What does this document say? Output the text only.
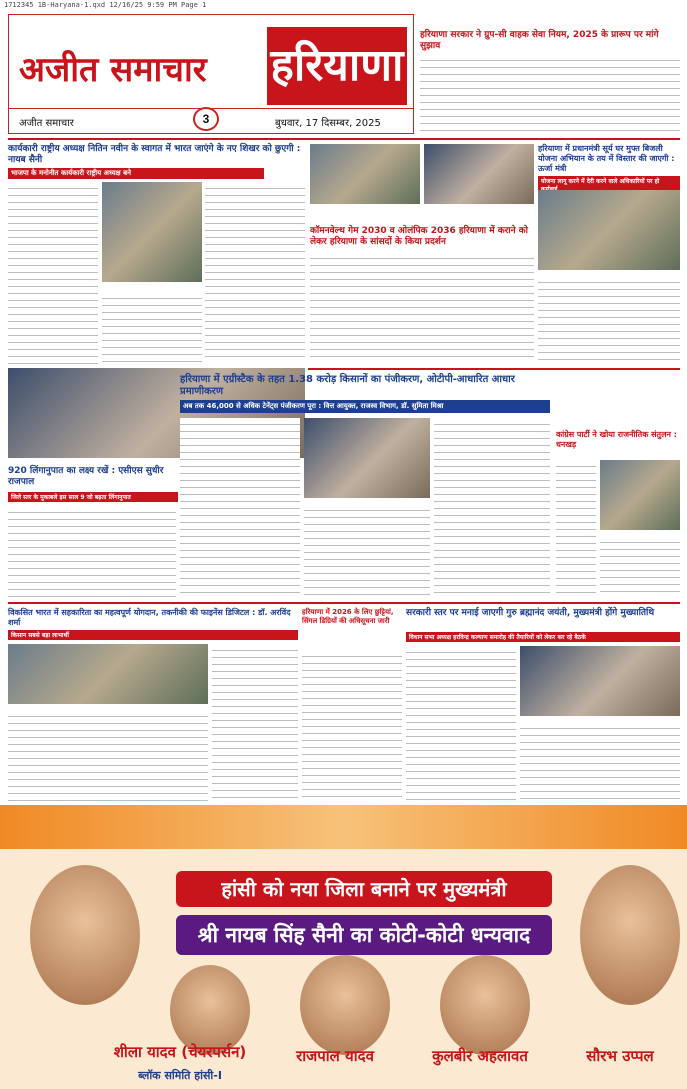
1712345 1B-Haryana-1.qxd 12/16/25 9:59 PM Page 1
अजीत समाचार हरियाणा
अजीत समाचार	बुधवार, 17 दिसम्बर, 2025
3
हरियाणा सरकार ने ग्रुप-सी वाहक सेवा नियम, 2025 के प्रारूप पर मांगे सुझाव
कार्यकारी राष्ट्रीय अध्यक्ष नितिन नवीन के स्वागत में भारत जाएंगे के नए शिखर को छुएगी : नायब सैनी
भाजपा के मनोनीत कार्यकारी राष्ट्रीय अध्यक्ष बने
कॉमनवेल्थ गेम 2030 व ओलंपिक 2036 हरियाणा में कराने को लेकर हरियाणा के सांसदों के किया प्रदर्शन
हरियाणा में प्रधानमंत्री सूर्य घर मुफ्त बिजली योजना अभियान के तय में विस्तार की जाएगी : ऊर्जा मंत्री
योजना लागू करने में देरी करने वाले अधिकारियों पर हो
हरियाणा में एग्रीस्टैक के तहत 1.38 करोड़ किसानों का पंजीकरण, ओटीपी-आधारित आधार प्रमाणीकरण
अब तक 46,000 से अधिक टेनेंट्स पंजीकरण पूरा : वित्त आयुक्त, राजस्व विभाग, डॉ. सुमिता मिश्रा
920 लिंगानुपात का लक्ष्य रखें : एसीएस सुधीर राजपाल
जिले स्तर के मुकाबले इस साल 9 जो बढ़ता लिंगानुपात
कांग्रेस पार्टी ने खोया राजनीतिक संतुलन : धनखड़
विकसित भारत में सहकारिता का महत्वपूर्ण योगदान, तकनीकी की फाइनेंस डिजिटल : डॉ. अरविंद शर्मा
किसान सबसे बड़ा लाभार्थी
हरियाणा में 2026 के लिए छुट्टियां, सिंगल डिग्रियों की अधिसूचना जारी
सरकारी स्तर पर मनाई जाएगी गुरु ब्रह्मानंद जयंती, मुख्यमंत्री होंगे मुख्यातिथि
विधान सभा अध्यक्ष हरविन्द्र कल्याण समारोह की तैयारियों को लेकर कर रहे बैठकें
हांसी को नया जिला बनाने पर मुख्यमंत्री
श्री नायब सिंह सैनी का कोटी-कोटी धन्यवाद
शीला यादव (चेयरपर्सन)	राजपाल यादव	कुलबीर अहलावत	सौरभ उप्पल
ब्लॉक समिति हांसी-I
